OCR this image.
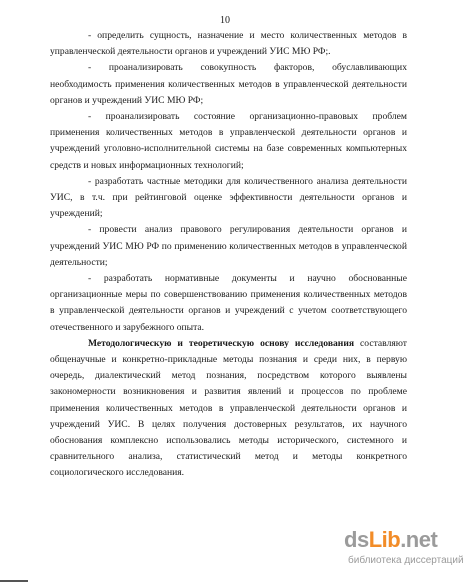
10

- определить сущность, назначение и место количественных методов в управленческой деятельности органов и учреждений УИС МЮ РФ;.

- проанализировать совокупность факторов, обуславливающих необходимость применения количественных методов в управленческой деятельности органов и учреждений УИС МЮ РФ;

- проанализировать состояние организационно-правовых проблем применения количественных методов в управленческой деятельности органов и учреждений уголовно-исполнительной системы на базе современных компьютерных средств и новых информационных технологий;

- разработать частные методики для количественного анализа деятельности УИС, в т.ч. при рейтинговой оценке эффективности деятельности органов и учреждений;

- провести анализ правового регулирования деятельности органов и учреждений УИС МЮ РФ по применению количественных методов в управленческой деятельности;

- разработать нормативные документы и научно обоснованные организационные меры по совершенствованию применения количественных методов в управленческой деятельности органов и учреждений с учетом соответствующего отечественного и зарубежного опыта.

Методологическую и теоретическую основу исследования составляют общенаучные и конкретно-прикладные методы познания и среди них, в первую очередь, диалектический метод познания, посредством которого выявлены закономерности возникновения и развития явлений и процессов по проблеме применения количественных методов в управленческой деятельности органов и учреждений УИС. В целях получения достоверных результатов, их научного обоснования комплексно использовались методы исторического, системного и сравнительного анализа, статистический метод и методы конкретного социологического исследования.

dsLib.net
библиотека диссертаций
